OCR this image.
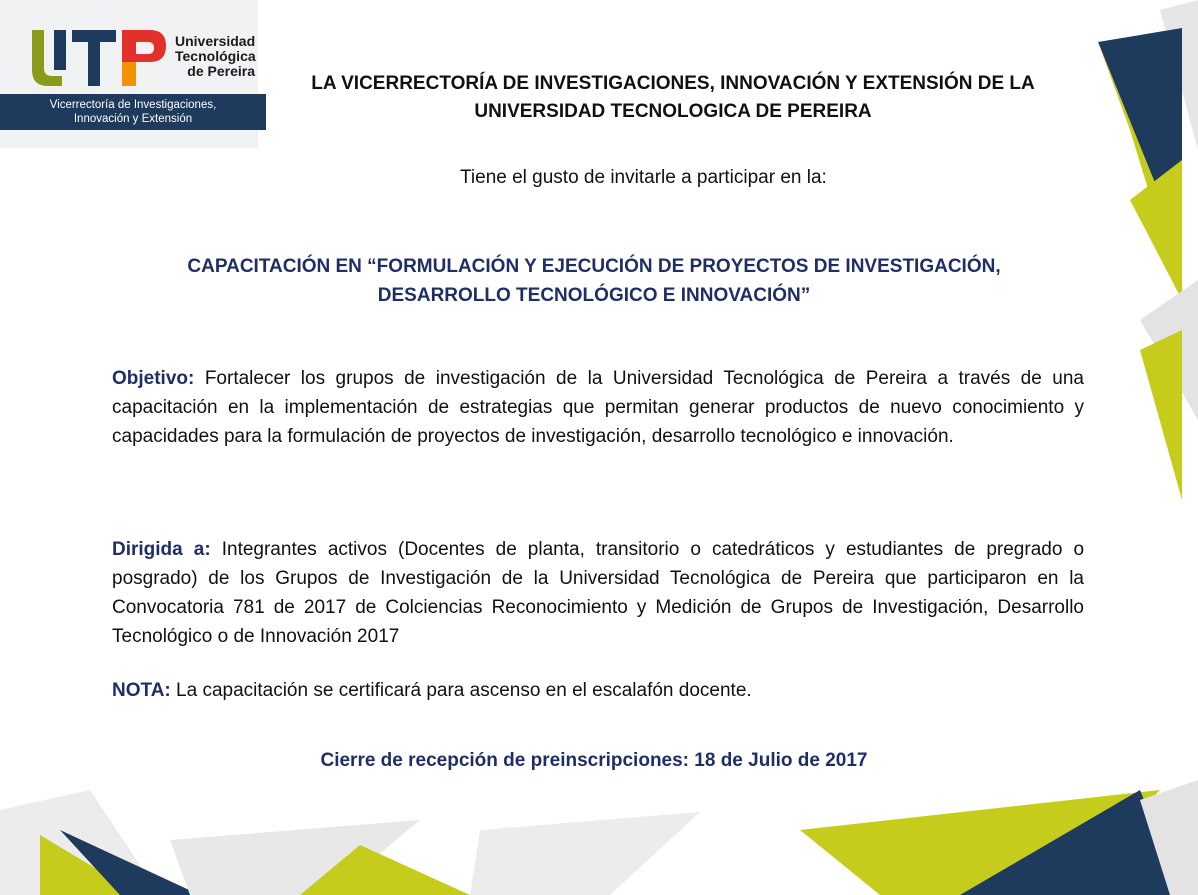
Universidad
Tecnológica
de Pereira
Vicerrectoría de Investigaciones,
Innovación y Extensión
LA VICERRECTORÍA DE INVESTIGACIONES, INNOVACIÓN Y EXTENSIÓN DE LA
UNIVERSIDAD TECNOLOGICA DE PEREIRA
Tiene el gusto de invitarle a participar en la:
CAPACITACIÓN EN “FORMULACIÓN Y EJECUCIÓN DE PROYECTOS DE INVESTIGACIÓN,
DESARROLLO TECNOLÓGICO E INNOVACIÓN”
Objetivo: Fortalecer los grupos de investigación de la Universidad Tecnológica de Pereira a través de una capacitación en la implementación de estrategias que permitan generar productos de nuevo conocimiento y capacidades para la formulación de proyectos de investigación, desarrollo tecnológico e innovación.
Dirigida a: Integrantes activos (Docentes de planta, transitorio o catedráticos y estudiantes de pregrado o posgrado) de los Grupos de Investigación de la Universidad Tecnológica de Pereira que participaron en la Convocatoria 781 de 2017 de Colciencias Reconocimiento y Medición de Grupos de Investigación, Desarrollo Tecnológico o de Innovación 2017
NOTA: La capacitación se certificará para ascenso en el escalafón docente.
Cierre de recepción de preinscripciones: 18 de Julio de 2017
